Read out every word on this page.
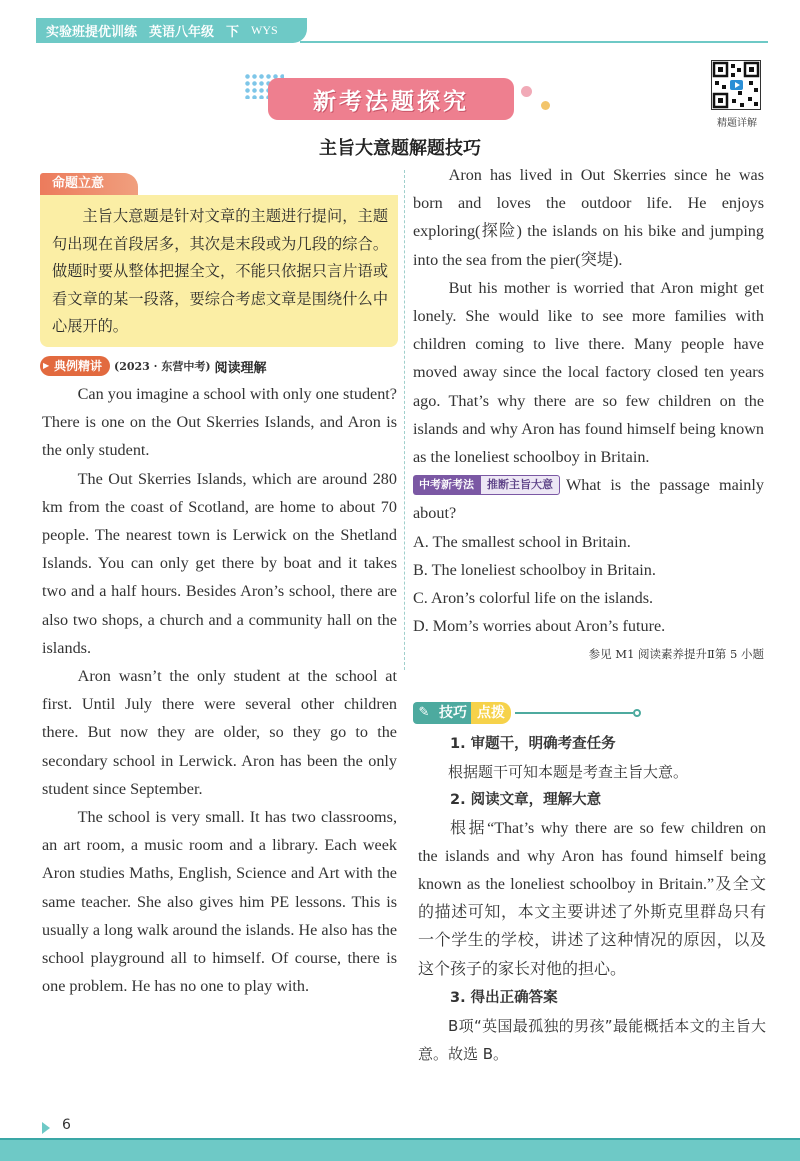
实验班提优训练 英语八年级 下 WYS
新考法题探究
精题详解
主旨大意题解题技巧
命题立意
主旨大意题是针对文章的主题进行提问，主题句出现在首段居多，其次是末段或为几段的综合。做题时要从整体把握全文，不能只依据只言片语或看文章的某一段落，要综合考虑文章是围绕什么中心展开的。
▶ 典例精讲	(2023 · 东营中考) 阅读理解
Can you imagine a school with only one student? There is one on the Out Skerries Islands, and Aron is the only student.
The Out Skerries Islands, which are around 280 km from the coast of Scotland, are home to about 70 people. The nearest town is Lerwick on the Shetland Islands. You can only get there by boat and it takes two and a half hours. Besides Aron’s school, there are also two shops, a church and a community hall on the islands.
Aron wasn’t the only student at the school at first. Until July there were several other children there. But now they are older, so they go to the secondary school in Lerwick. Aron has been the only student since September.
The school is very small. It has two classrooms, an art room, a music room and a library. Each week Aron studies Maths, English, Science and Art with the same teacher. She also gives him PE lessons. This is usually a long walk around the islands. He also has the school playground all to himself. Of course, there is one problem. He has no one to play with.
Aron has lived in Out Skerries since he was born and loves the outdoor life. He enjoys exploring(探险) the islands on his bike and jumping into the sea from the pier(突堤).
But his mother is worried that Aron might get lonely. She would like to see more families with children coming to live there. Many people have moved away since the local factory closed ten years ago. That’s why there are so few children on the islands and why Aron has found himself being known as the loneliest schoolboy in Britain.
中考新考法 推断主旨大意 What is the passage mainly about?
A. The smallest school in Britain.
B. The loneliest schoolboy in Britain.
C. Aron’s colorful life on the islands.
D. Mom’s worries about Aron’s future.
参见 M1 阅读素养提升Ⅱ第 5 小题
✎ 技巧 点拨
1. 审题干，明确考查任务
根据题干可知本题是考查主旨大意。
2. 阅读文章，理解大意
根据“That’s why there are so few children on the islands and why Aron has found himself being known as the loneliest schoolboy in Britain.”及全文的描述可知，本文主要讲述了外斯克里群岛只有一个学生的学校，讲述了这种情况的原因，以及这个孩子的家长对他的担心。
3. 得出正确答案
B项“英国最孤独的男孩”最能概括本文的主旨大意。故选 B。
6
